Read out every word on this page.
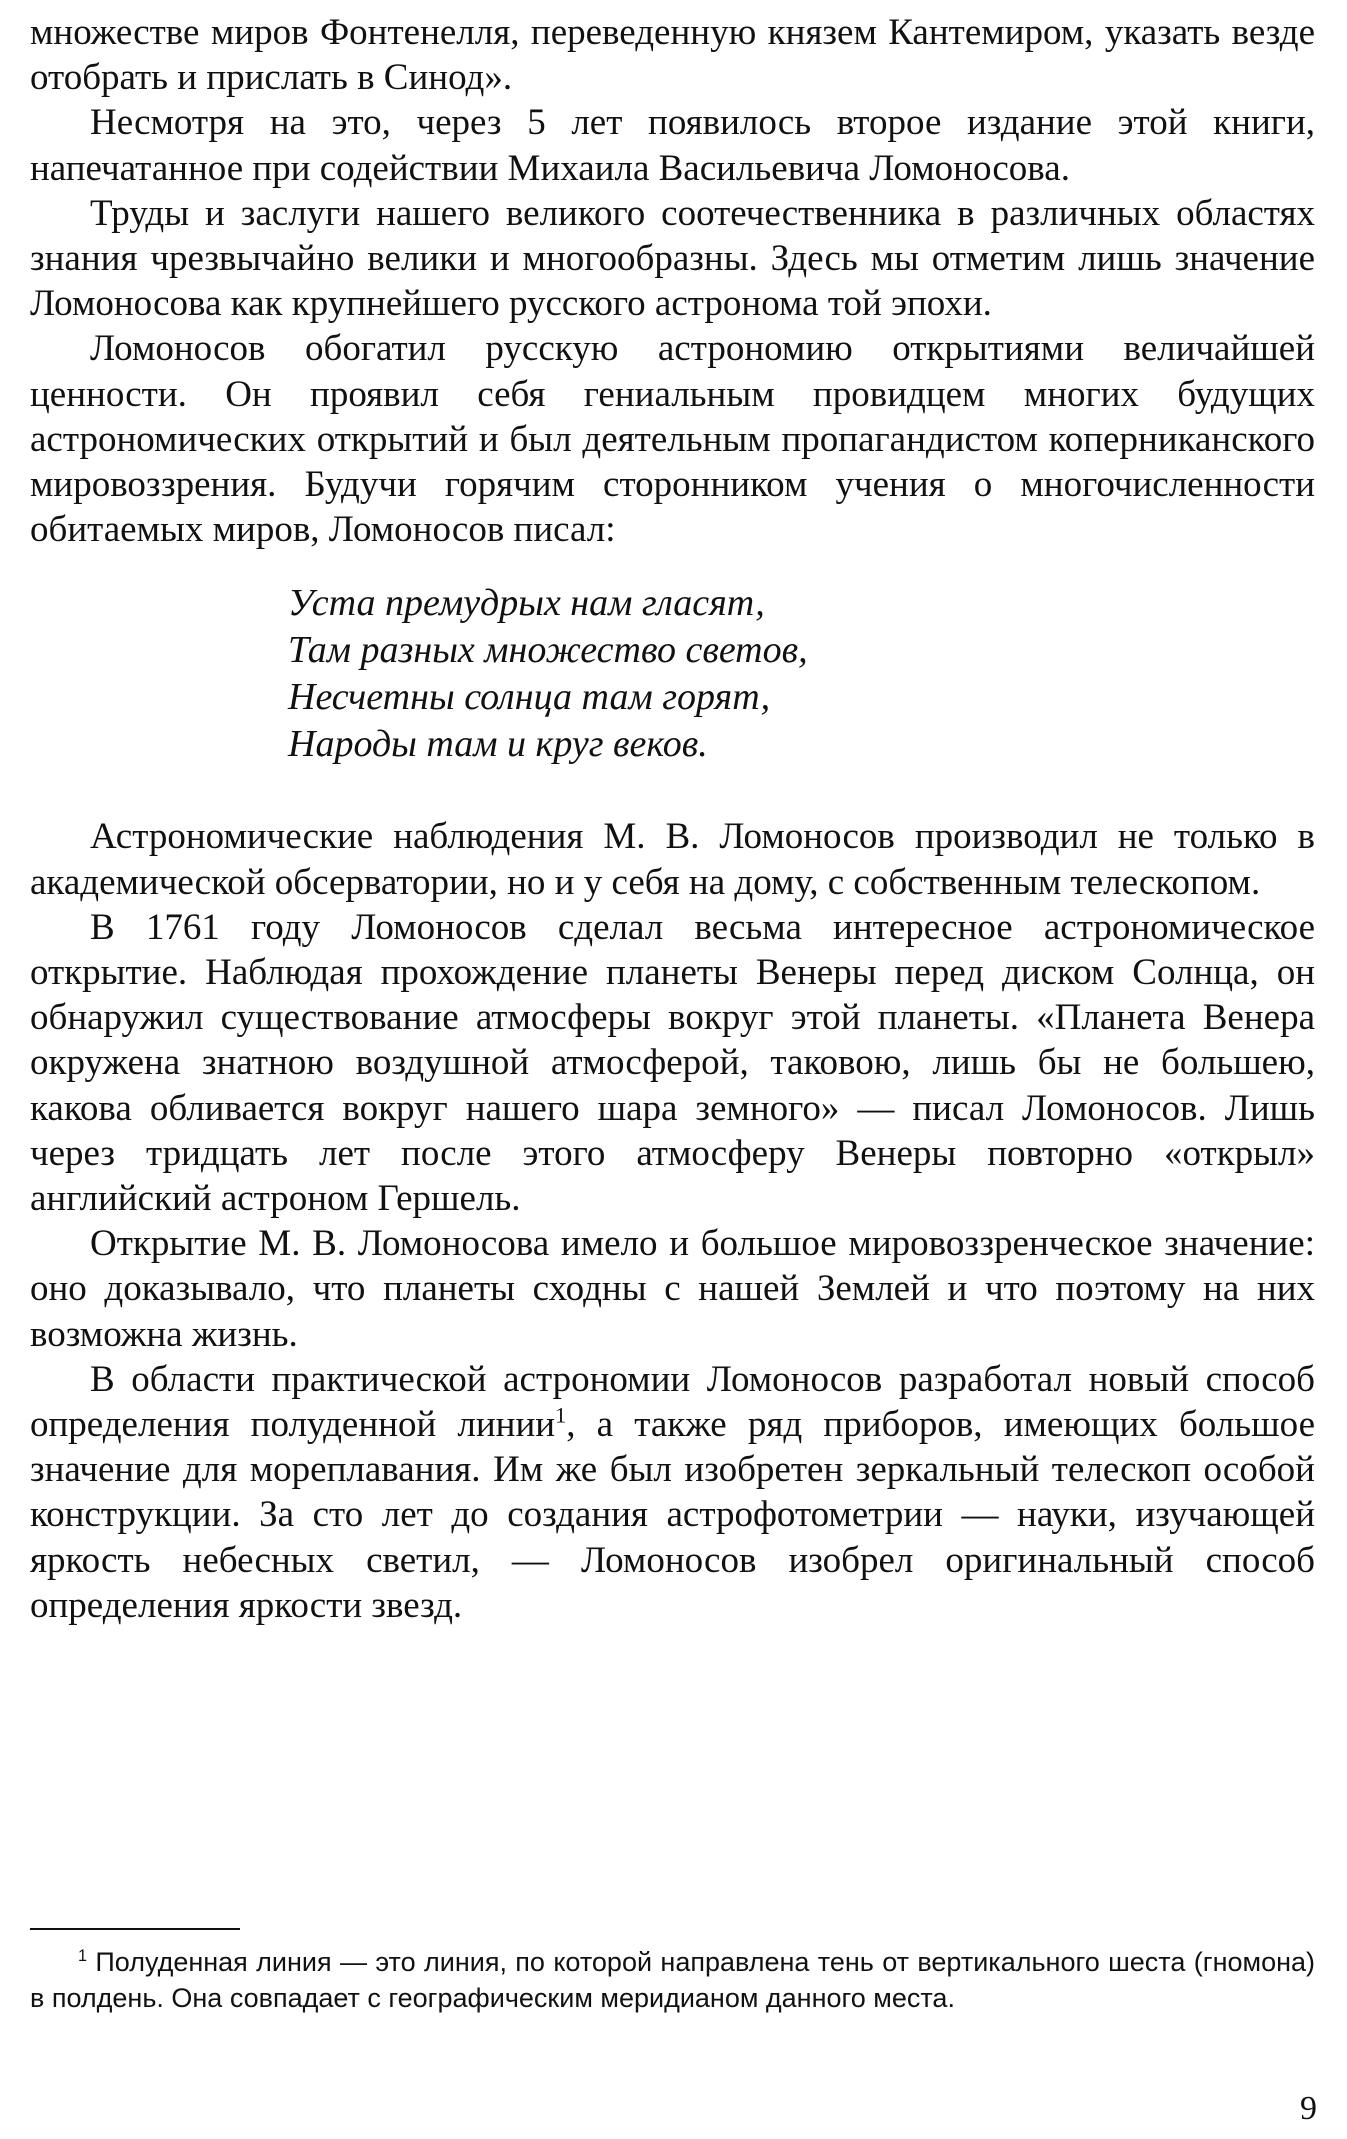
множестве миров Фонтенелля, переведенную князем Кантемиром, указать везде отобрать и прислать в Синод».

Несмотря на это, через 5 лет появилось второе издание этой книги, напечатанное при содействии Михаила Васильевича Ломоносова.

Труды и заслуги нашего великого соотечественника в различных областях знания чрезвычайно велики и многообразны. Здесь мы отметим лишь значение Ломоносова как крупнейшего русского астронома той эпохи.

Ломоносов обогатил русскую астрономию открытиями величайшей ценности. Он проявил себя гениальным провидцем многих будущих астрономических открытий и был деятельным пропагандистом коперниканского мировоззрения. Будучи горячим сторонником учения о многочисленности обитаемых миров, Ломоносов писал:

Уста премудрых нам гласят,
Там разных множество светов,
Несчетны солнца там горят,
Народы там и круг веков.

Астрономические наблюдения М. В. Ломоносов производил не только в академической обсерватории, но и у себя на дому, с собственным телескопом.

В 1761 году Ломоносов сделал весьма интересное астрономическое открытие. Наблюдая прохождение планеты Венеры перед диском Солнца, он обнаружил существование атмосферы вокруг этой планеты. «Планета Венера окружена знатною воздушной атмосферой, таковою, лишь бы не большею, какова обливается вокруг нашего шара земного» — писал Ломоносов. Лишь через тридцать лет после этого атмосферу Венеры повторно «открыл» английский астроном Гершель.

Открытие М. В. Ломоносова имело и большое мировоззренческое значение: оно доказывало, что планеты сходны с нашей Землей и что поэтому на них возможна жизнь.

В области практической астрономии Ломоносов разработал новый способ определения полуденной линии$^1$, а также ряд приборов, имеющих большое значение для мореплавания. Им же был изобретен зеркальный телескоп особой конструкции. За сто лет до создания астрофотометрии — науки, изучающей яркость небесных светил, — Ломоносов изобрел оригинальный способ определения яркости звезд.

$^1$ Полуденная линия — это линия, по которой направлена тень от вертикального шеста (гномона) в полдень. Она совпадает с географическим меридианом данного места.

9
